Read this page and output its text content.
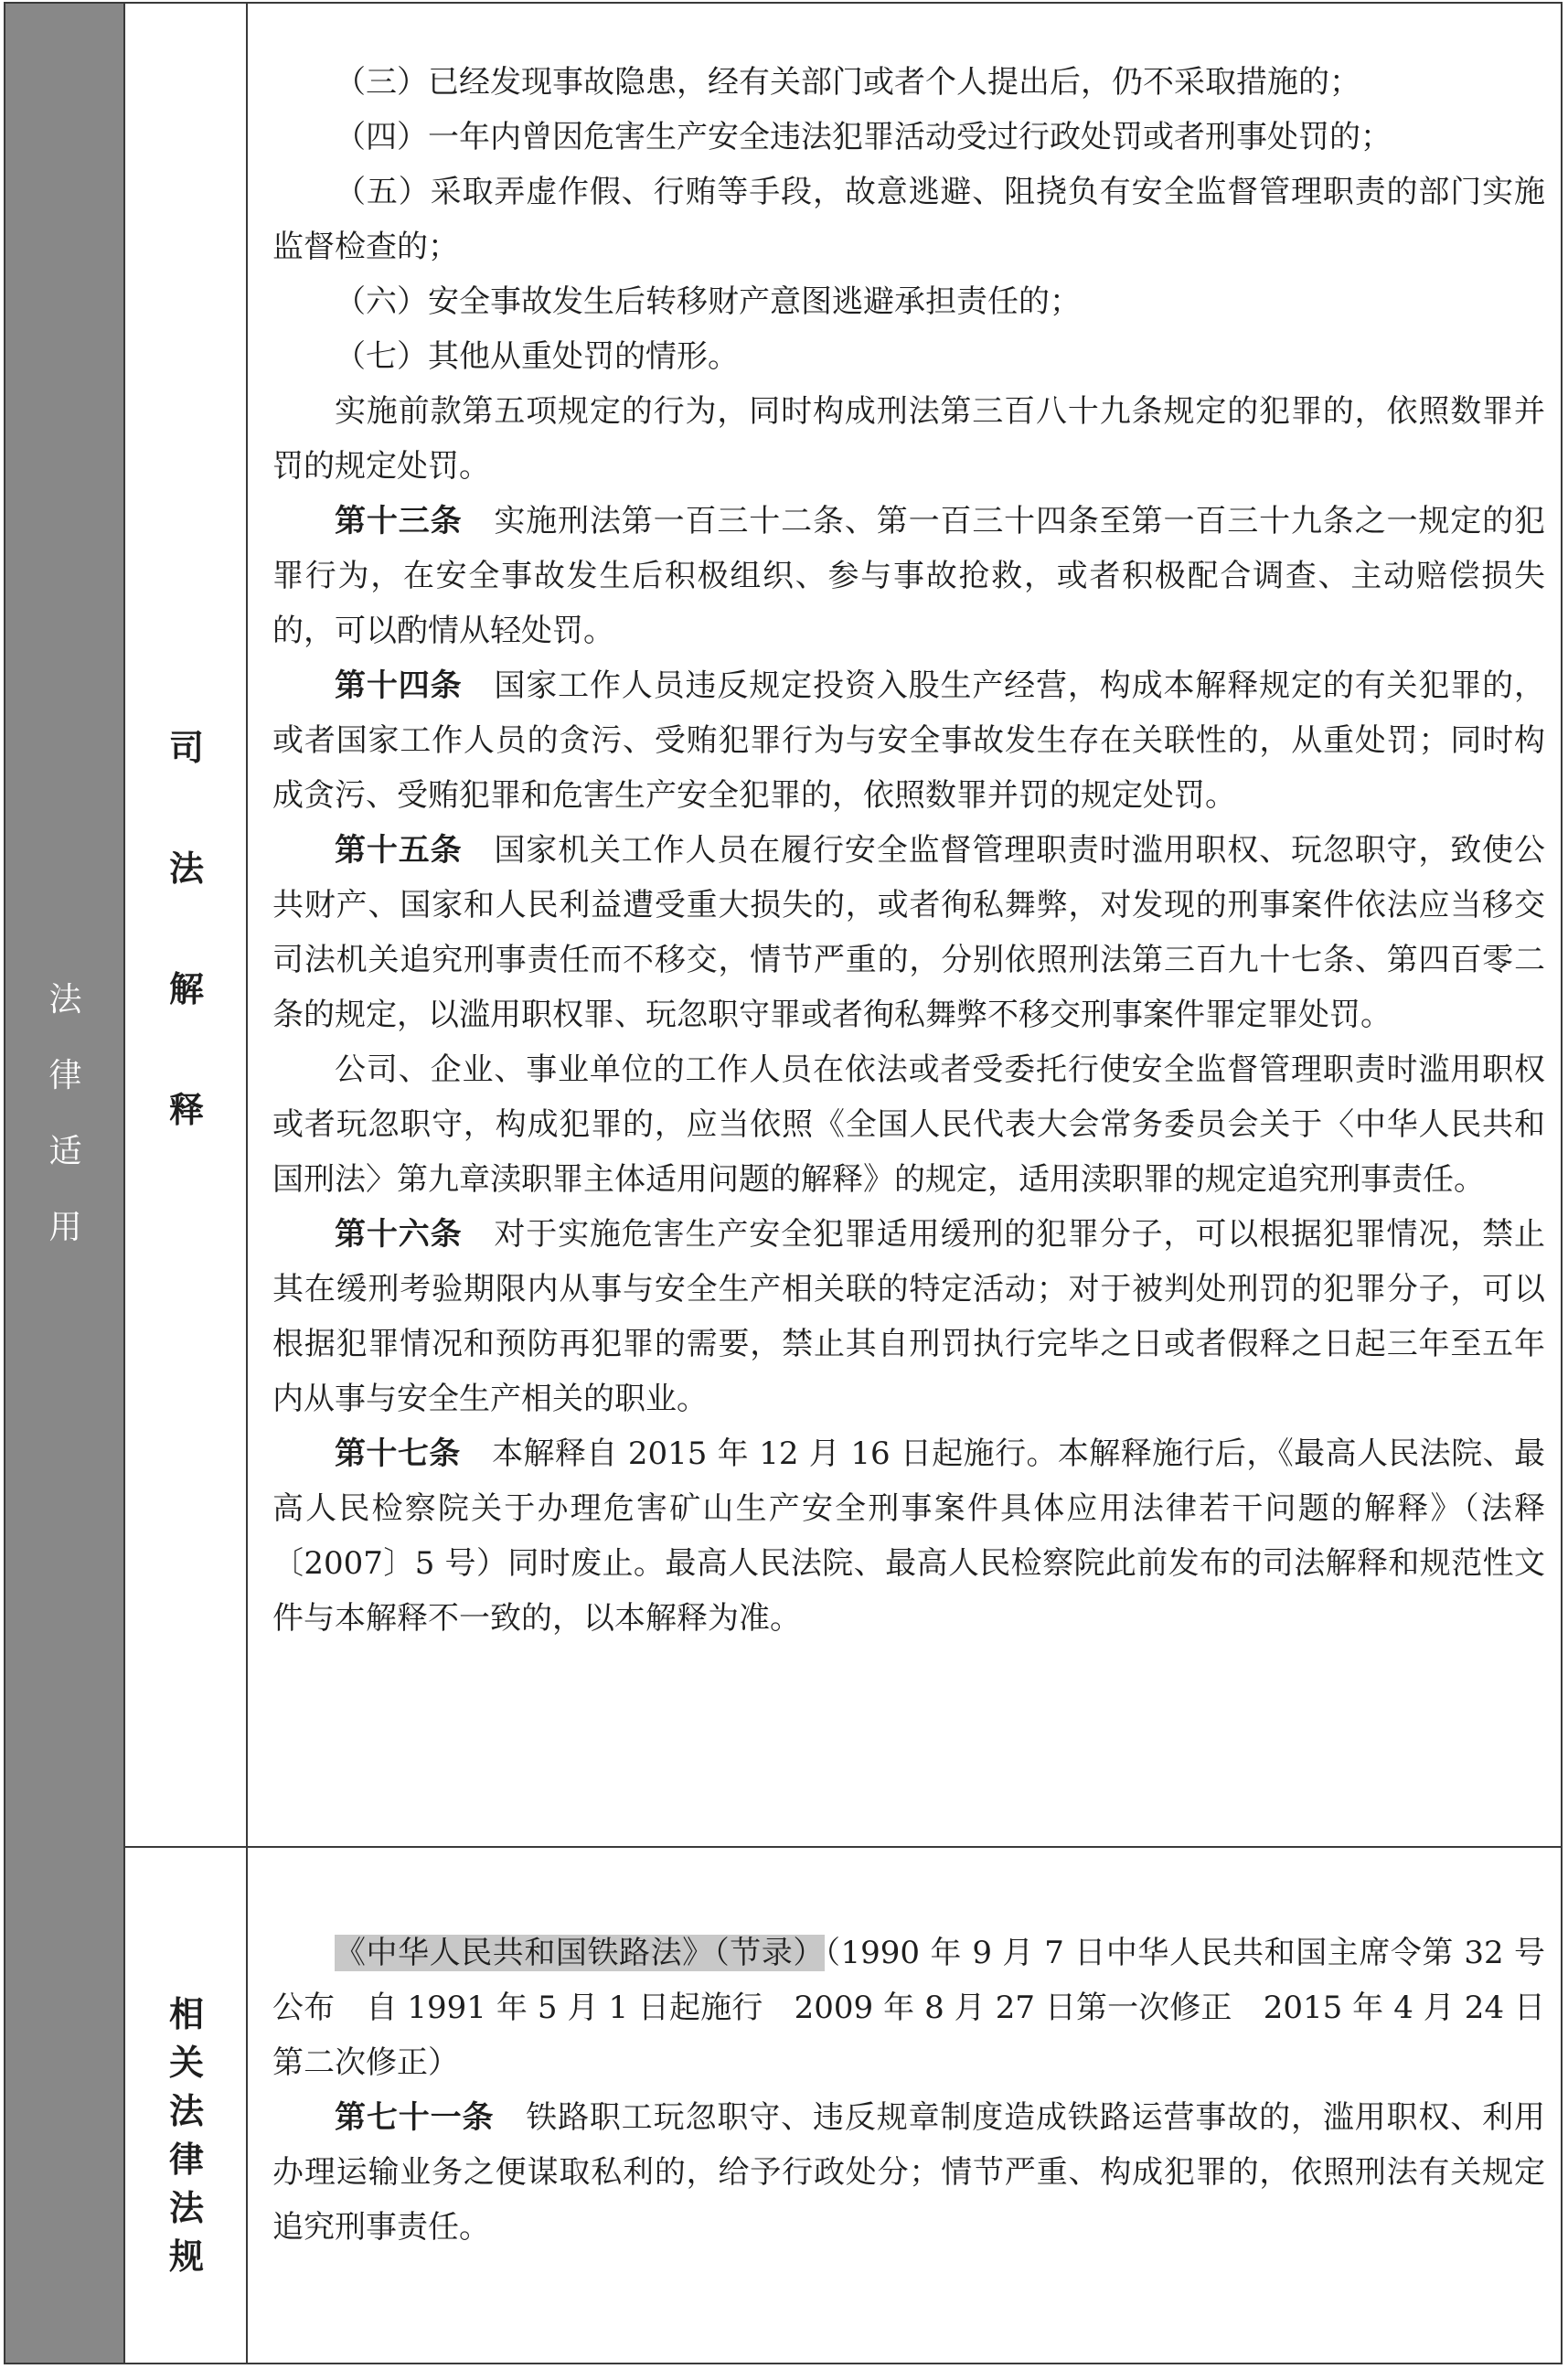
法
律
适
用
司
法
解
释
相
关
法
律
法
规

（三）已经发现事故隐患，经有关部门或者个人提出后，仍不采取措施的；

（四）一年内曾因危害生产安全违法犯罪活动受过行政处罚或者刑事处罚的；

（五）采取弄虚作假、行贿等手段，故意逃避、阻挠负有安全监督管理职责的部门实施监督检查的；

（六）安全事故发生后转移财产意图逃避承担责任的；

（七）其他从重处罚的情形。

实施前款第五项规定的行为，同时构成刑法第三百八十九条规定的犯罪的，依照数罪并罚的规定处罚。

第十三条　 实施刑法第一百三十二条、第一百三十四条至第一百三十九条之一规定的犯罪行为，在安全事故发生后积极组织、参与事故抢救，或者积极配合调查、主动赔偿损失的，可以酌情从轻处罚。

第十四条　 国家工作人员违反规定投资入股生产经营，构成本解释规定的有关犯罪的，或者国家工作人员的贪污、受贿犯罪行为与安全事故发生存在关联性的，从重处罚；同时构成贪污、受贿犯罪和危害生产安全犯罪的，依照数罪并罚的规定处罚。

第十五条　 国家机关工作人员在履行安全监督管理职责时滥用职权、玩忽职守，致使公共财产、国家和人民利益遭受重大损失的，或者徇私舞弊，对发现的刑事案件依法应当移交司法机关追究刑事责任而不移交，情节严重的，分别依照刑法第三百九十七条、第四百零二条的规定，以滥用职权罪、玩忽职守罪或者徇私舞弊不移交刑事案件罪定罪处罚。

公司、企业、事业单位的工作人员在依法或者受委托行使安全监督管理职责时滥用职权或者玩忽职守，构成犯罪的，应当依照《全国人民代表大会常务委员会关于〈中华人民共和国刑法〉第九章渎职罪主体适用问题的解释》的规定，适用渎职罪的规定追究刑事责任。

第十六条　 对于实施危害生产安全犯罪适用缓刑的犯罪分子，可以根据犯罪情况，禁止其在缓刑考验期限内从事与安全生产相关联的特定活动；对于被判处刑罚的犯罪分子，可以根据犯罪情况和预防再犯罪的需要，禁止其自刑罚执行完毕之日或者假释之日起三年至五年内从事与安全生产相关的职业。

第十七条　 本解释自 2015 年 12 月 16 日起施行。本解释施行后，《最高人民法院、最高人民检察院关于办理危害矿山生产安全刑事案件具体应用法律若干问题的解释》（法释〔2007〕5 号）同时废止。最高人民法院、最高人民检察院此前发布的司法解释和规范性文件与本解释不一致的，以本解释为准。

《中华人民共和国铁路法》（节录）（1990 年 9 月 7 日中华人民共和国主席令第 32 号公布　自 1991 年 5 月 1 日起施行　2009 年 8 月 27 日第一次修正　2015 年 4 月 24 日第二次修正）

第七十一条　 铁路职工玩忽职守、违反规章制度造成铁路运营事故的，滥用职权、利用办理运输业务之便谋取私利的，给予行政处分；情节严重、构成犯罪的，依照刑法有关规定追究刑事责任。
